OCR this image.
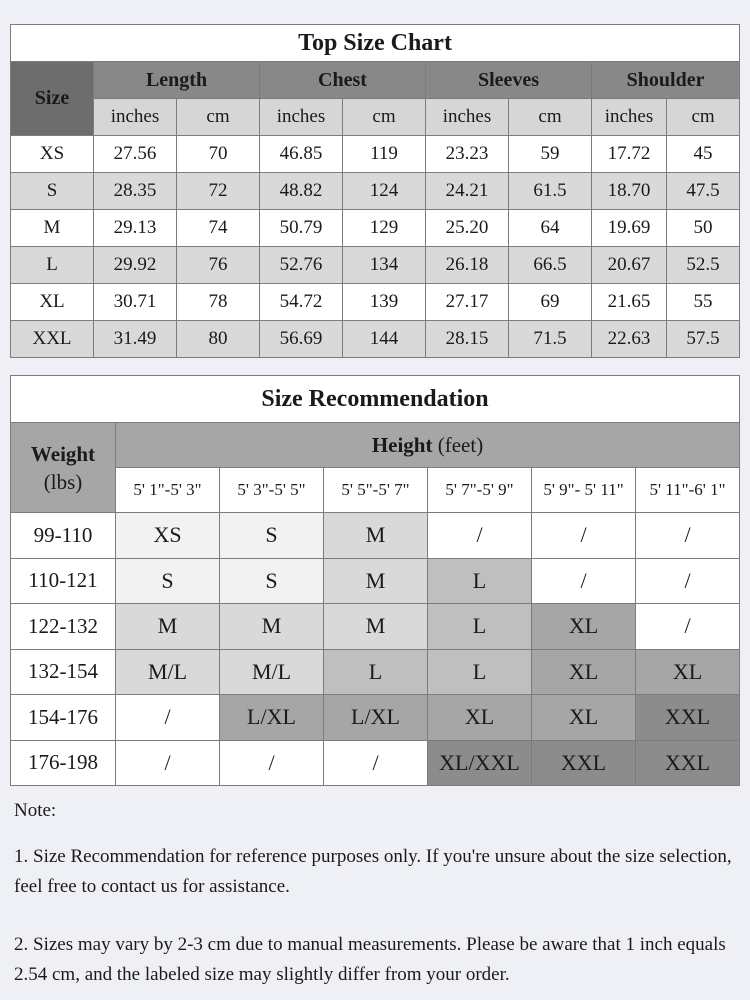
Top Size Chart								
Size	Length		Chest		Sleeves		Shoulder	
	inches	cm	inches	cm	inches	cm	inches	cm
XS	27.56	70	46.85	119	23.23	59	17.72	45
S	28.35	72	48.82	124	24.21	61.5	18.70	47.5
M	29.13	74	50.79	129	25.20	64	19.69	50
L	29.92	76	52.76	134	26.18	66.5	20.67	52.5
XL	30.71	78	54.72	139	27.17	69	21.65	55
XXL	31.49	80	56.69	144	28.15	71.5	22.63	57.5
Size Recommendation						
Weight
(lbs)	Height (feet)					
	5' 1"-5' 3"	5' 3"-5' 5"	5' 5"-5' 7"	5' 7"-5' 9"	5' 9"- 5' 11"	5' 11"-6' 1"
99-110	XS	S	M	/	/	/
110-121	S	S	M	L	/	/
122-132	M	M	M	L	XL	/
132-154	M/L	M/L	L	L	XL	XL
154-176	/	L/XL	L/XL	XL	XL	XXL
176-198	/	/	/	XL/XXL	XXL	XXL

Note:

1. Size Recommendation for reference purposes only. If you're unsure about the size selection, feel free to contact us for assistance.

2. Sizes may vary by 2-3 cm due to manual measurements. Please be aware that 1 inch equals 2.54 cm, and the labeled size may slightly differ from your order.
